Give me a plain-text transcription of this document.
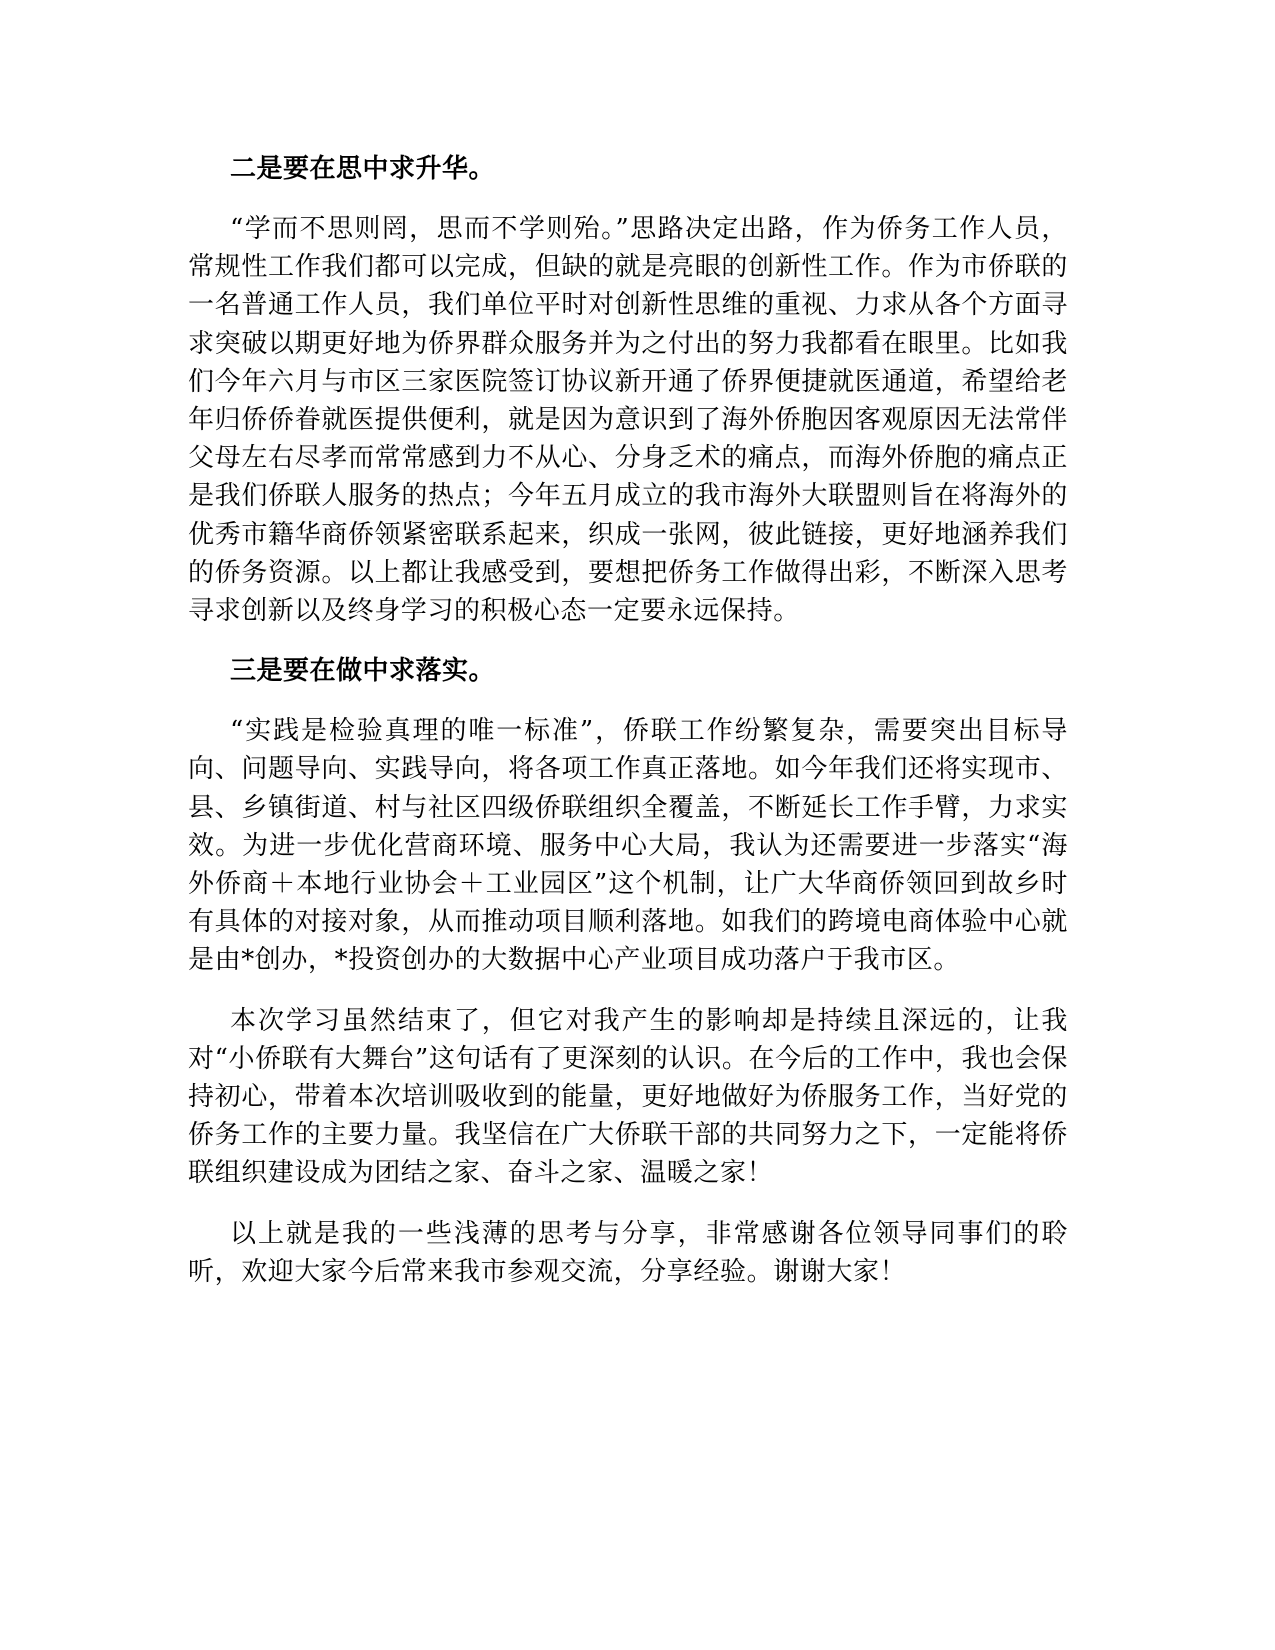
二是要在思中求升华。

“学而不思则罔，思而不学则殆。”思路决定出路，作为侨务工作人员，常规性工作我们都可以完成，但缺的就是亮眼的创新性工作。作为市侨联的一名普通工作人员，我们单位平时对创新性思维的重视、力求从各个方面寻求突破以期更好地为侨界群众服务并为之付出的努力我都看在眼里。比如我们今年六月与市区三家医院签订协议新开通了侨界便捷就医通道，希望给老年归侨侨眷就医提供便利，就是因为意识到了海外侨胞因客观原因无法常伴父母左右尽孝而常常感到力不从心、分身乏术的痛点，而海外侨胞的痛点正是我们侨联人服务的热点；今年五月成立的我市海外大联盟则旨在将海外的优秀市籍华商侨领紧密联系起来，织成一张网，彼此链接，更好地涵养我们的侨务资源。以上都让我感受到，要想把侨务工作做得出彩，不断深入思考寻求创新以及终身学习的积极心态一定要永远保持。

三是要在做中求落实。

“实践是检验真理的唯一标准”，侨联工作纷繁复杂，需要突出目标导向、问题导向、实践导向，将各项工作真正落地。如今年我们还将实现市、县、乡镇街道、村与社区四级侨联组织全覆盖，不断延长工作手臂，力求实效。为进一步优化营商环境、服务中心大局，我认为还需要进一步落实“海外侨商＋本地行业协会＋工业园区”这个机制，让广大华商侨领回到故乡时有具体的对接对象，从而推动项目顺利落地。如我们的跨境电商体验中心就是由*创办，*投资创办的大数据中心产业项目成功落户于我市区。

本次学习虽然结束了，但它对我产生的影响却是持续且深远的，让我对“小侨联有大舞台”这句话有了更深刻的认识。在今后的工作中，我也会保持初心，带着本次培训吸收到的能量，更好地做好为侨服务工作，当好党的侨务工作的主要力量。我坚信在广大侨联干部的共同努力之下，一定能将侨联组织建设成为团结之家、奋斗之家、温暖之家！

以上就是我的一些浅薄的思考与分享，非常感谢各位领导同事们的聆听，欢迎大家今后常来我市参观交流，分享经验。谢谢大家！
